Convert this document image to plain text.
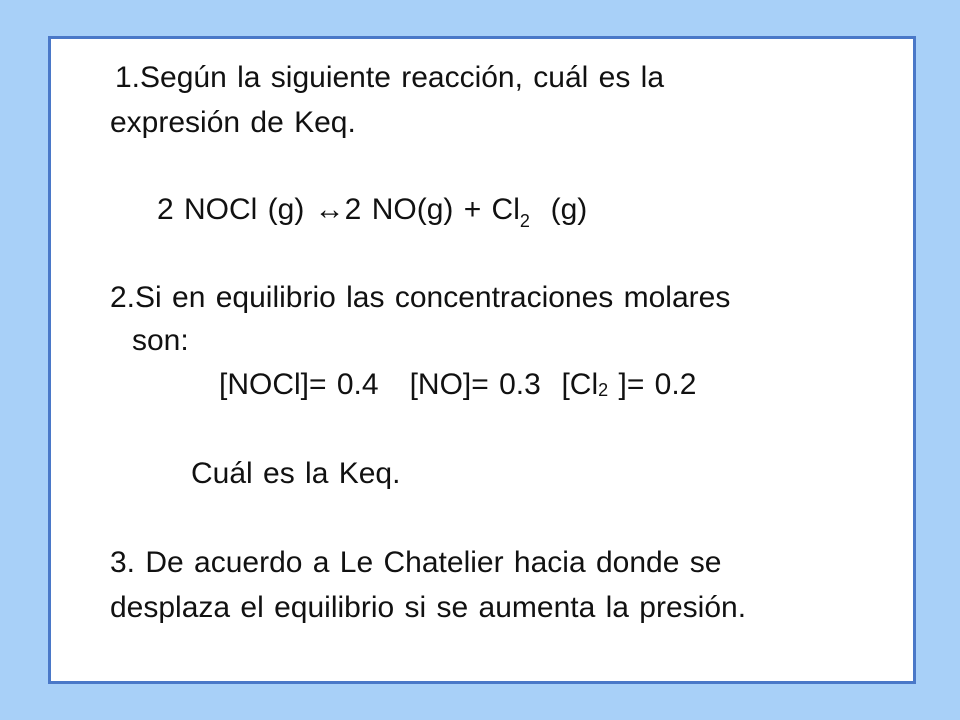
1.Según la siguiente reacción, cuál es la
expresión de Keq.
2 NOCl (g) ↔2 $NO(g) + Cl_2$  (g)
2.Si en equilibrio las concentraciones molares
son:
[NOCl]= 0.4   [NO]= 0.3  [Cl2 ]= 0.2
Cuál es la Keq.
3. De acuerdo a Le Chatelier hacia donde se
desplaza el equilibrio si se aumenta la presión.
